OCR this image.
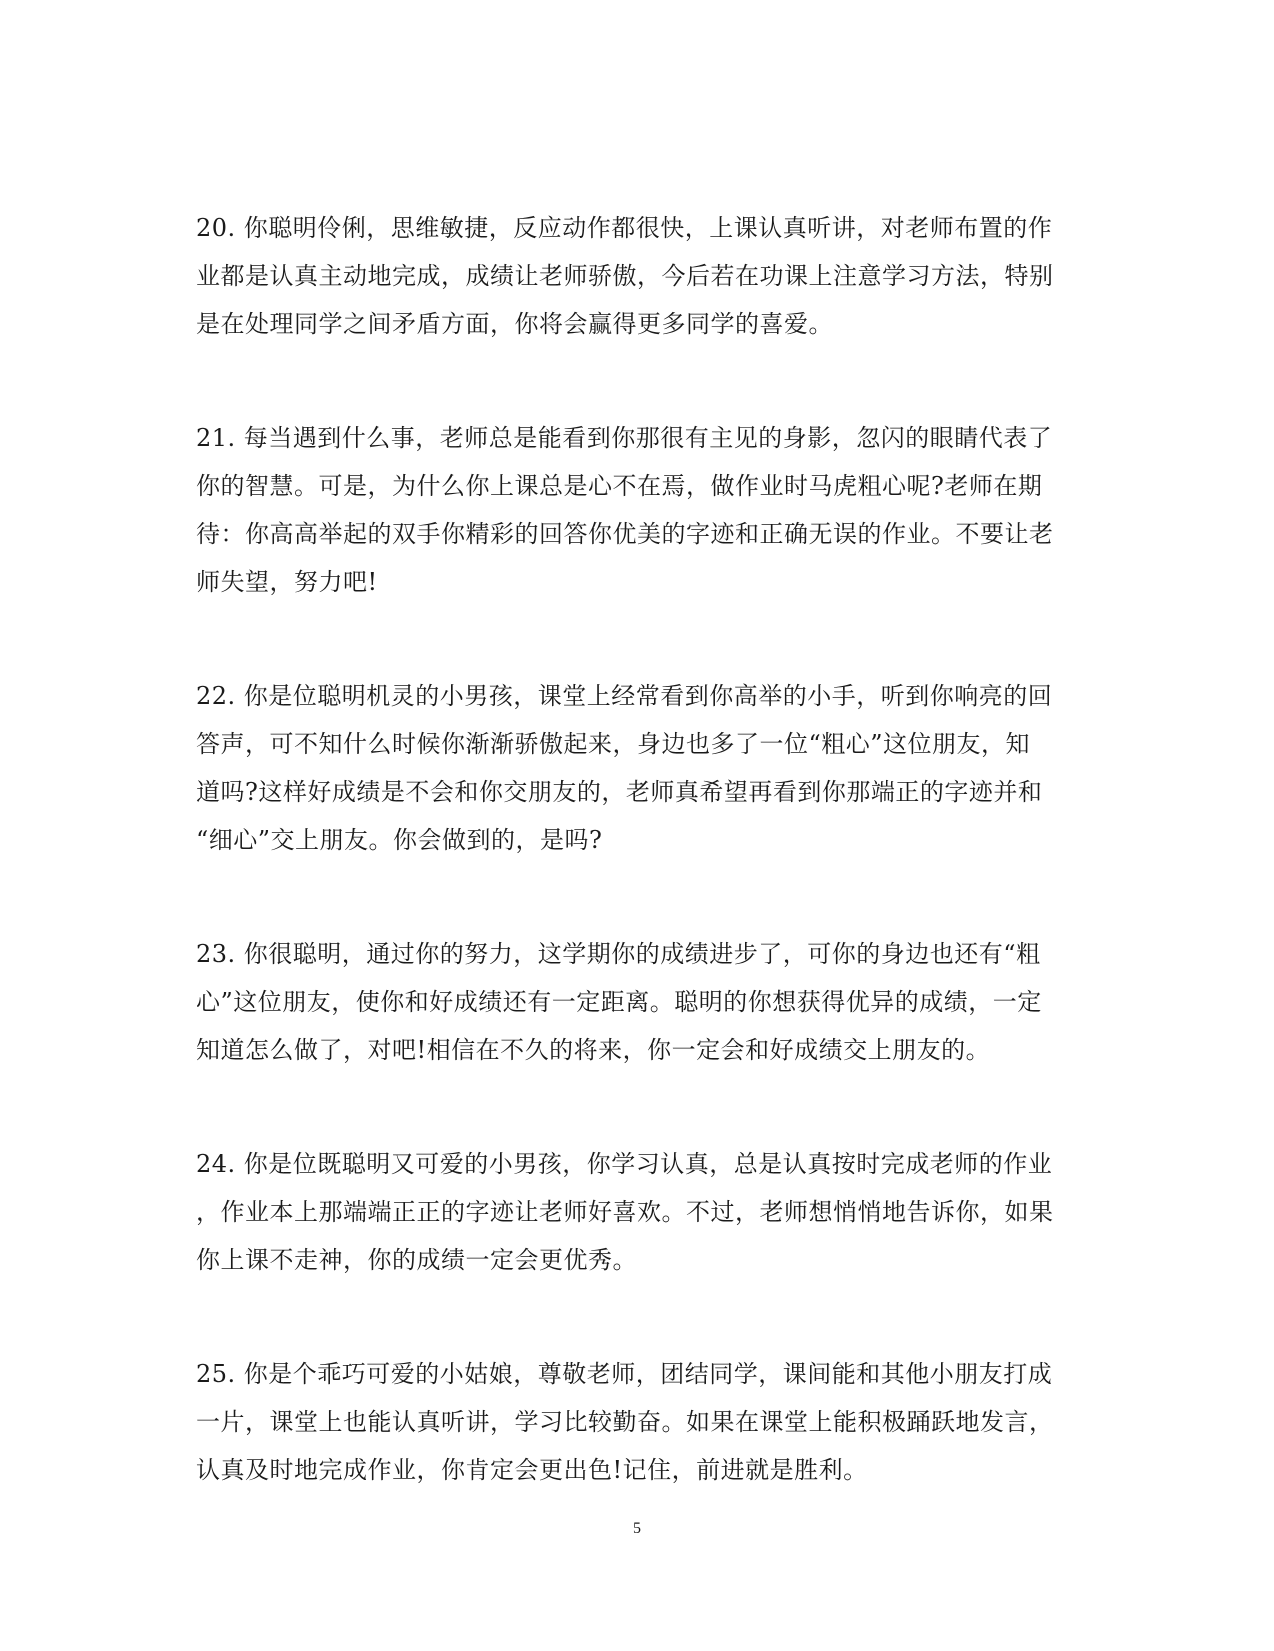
20. 你聪明伶俐，思维敏捷，反应动作都很快，上课认真听讲，对老师布置的作
业都是认真主动地完成，成绩让老师骄傲，今后若在功课上注意学习方法，特别
是在处理同学之间矛盾方面，你将会赢得更多同学的喜爱。

21. 每当遇到什么事，老师总是能看到你那很有主见的身影，忽闪的眼睛代表了
你的智慧。可是，为什么你上课总是心不在焉，做作业时马虎粗心呢?老师在期
待：你高高举起的双手你精彩的回答你优美的字迹和正确无误的作业。不要让老
师失望，努力吧!

22. 你是位聪明机灵的小男孩，课堂上经常看到你高举的小手，听到你响亮的回
答声，可不知什么时候你渐渐骄傲起来，身边也多了一位“粗心”这位朋友，知
道吗?这样好成绩是不会和你交朋友的，老师真希望再看到你那端正的字迹并和
“细心”交上朋友。你会做到的，是吗?

23. 你很聪明，通过你的努力，这学期你的成绩进步了，可你的身边也还有“粗
心”这位朋友，使你和好成绩还有一定距离。聪明的你想获得优异的成绩，一定
知道怎么做了，对吧!相信在不久的将来，你一定会和好成绩交上朋友的。

24. 你是位既聪明又可爱的小男孩，你学习认真，总是认真按时完成老师的作业
，作业本上那端端正正的字迹让老师好喜欢。不过，老师想悄悄地告诉你，如果
你上课不走神，你的成绩一定会更优秀。

25. 你是个乖巧可爱的小姑娘，尊敬老师，团结同学，课间能和其他小朋友打成
一片，课堂上也能认真听讲，学习比较勤奋。如果在课堂上能积极踊跃地发言，
认真及时地完成作业，你肯定会更出色!记住，前进就是胜利。

5
